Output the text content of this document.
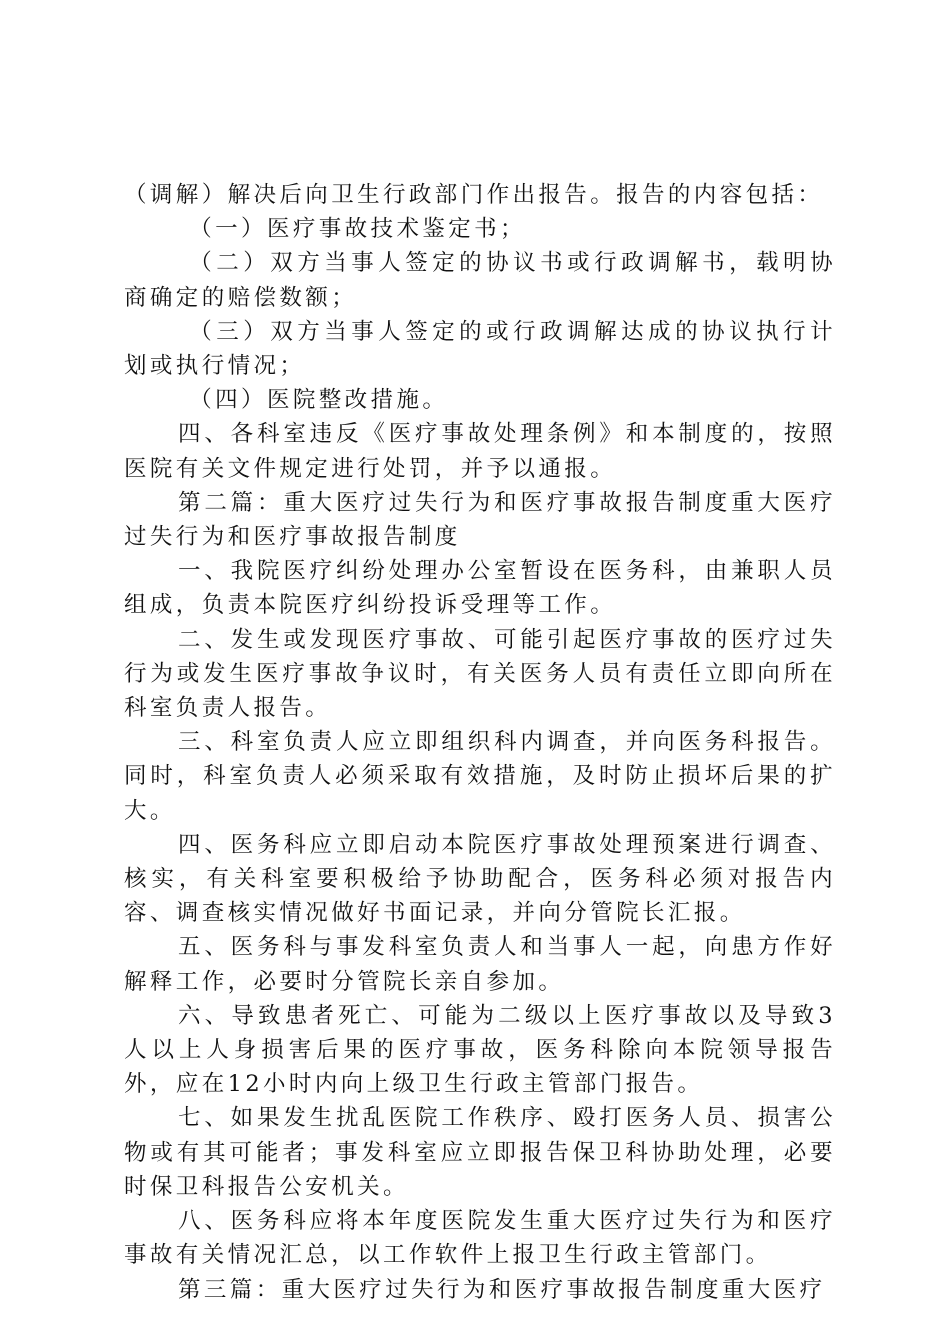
（调解）解决后向卫生行政部门作出报告。报告的内容包括：

（一）医疗事故技术鉴定书；

（二）双方当事人签定的协议书或行政调解书，载明协商确定的赔偿数额；

（三）双方当事人签定的或行政调解达成的协议执行计划或执行情况；

（四）医院整改措施。

四、各科室违反《医疗事故处理条例》和本制度的，按照医院有关文件规定进行处罚，并予以通报。

第二篇：重大医疗过失行为和医疗事故报告制度重大医疗过失行为和医疗事故报告制度

一、我院医疗纠纷处理办公室暂设在医务科，由兼职人员组成，负责本院医疗纠纷投诉受理等工作。

二、发生或发现医疗事故、可能引起医疗事故的医疗过失行为或发生医疗事故争议时，有关医务人员有责任立即向所在科室负责人报告。

三、科室负责人应立即组织科内调查，并向医务科报告。同时，科室负责人必须采取有效措施，及时防止损坏后果的扩大。

四、医务科应立即启动本院医疗事故处理预案进行调查、核实，有关科室要积极给予协助配合，医务科必须对报告内容、调查核实情况做好书面记录，并向分管院长汇报。

五、医务科与事发科室负责人和当事人一起，向患方作好解释工作，必要时分管院长亲自参加。

六、导致患者死亡、可能为二级以上医疗事故以及导致3人以上人身损害后果的医疗事故，医务科除向本院领导报告外，应在12小时内向上级卫生行政主管部门报告。

七、如果发生扰乱医院工作秩序、殴打医务人员、损害公物或有其可能者；事发科室应立即报告保卫科协助处理，必要时保卫科报告公安机关。

八、医务科应将本年度医院发生重大医疗过失行为和医疗事故有关情况汇总，以工作软件上报卫生行政主管部门。

第三篇：重大医疗过失行为和医疗事故报告制度重大医疗
